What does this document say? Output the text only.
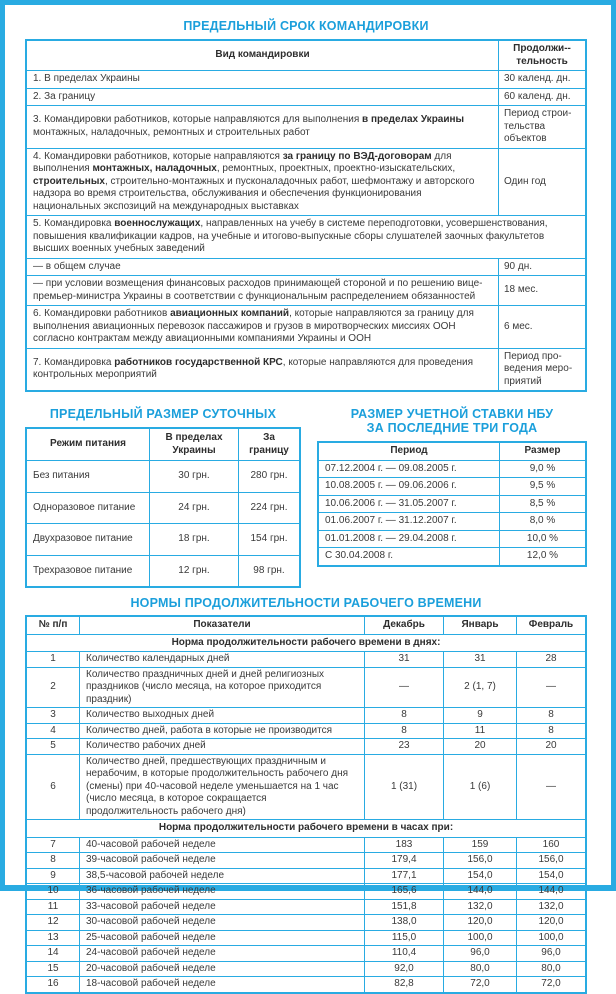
ПРЕДЕЛЬНЫЙ СРОК КОМАНДИРОВКИ
Вид командировки	Продолжи-тельность
1. В пределах Украины	30 календ. дн.
2. За границу	60 календ. дн.
3. Командировки работников, которые направляются для выполнения в пределах Украины монтажных, наладочных, ремонтных и строительных работ	Период строительства объектов
4. Командировки работников, которые направляются за границу по ВЭД-договорам для выполнения монтажных, наладочных, ремонтных, проектных, проектно-изыскательских, строительных, строительно-монтажных и пусконаладочных работ, шефмонтажу и авторского надзора во время строительства, обслуживания и обеспечения функционирования национальных экспозиций на международных выставках	Один год
5. Командировка военнослужащих, направленных на учебу в системе переподготовки, усовершенствования, повышения квалификации кадров, на учебные и итогово-выпускные сборы слушателей заочных факультетов высших военных учебных заведений	
— в общем случае	90 дн.
— при условии возмещения финансовых расходов принимающей стороной и по решению вице-премьер-министра Украины в соответствии с функциональным распределением обязанностей	18 мес.
6. Командировки работников авиационных компаний, которые направляются за границу для выполнения авиационных перевозок пассажиров и грузов в миротворческих миссиях ООН согласно контрактам между авиационными компаниями Украины и ООН	6 мес.
7. Командировка работников государственной КРС, которые направляются для проведения контрольных мероприятий	Период проведения мероприятий
ПРЕДЕЛЬНЫЙ РАЗМЕР СУТОЧНЫХ
Режим питания	В пределах Украины	За границу
Без питания	30 грн.	280 грн.
Одноразовое питание	24 грн.	224 грн.
Двухразовое питание	18 грн.	154 грн.
Трехразовое питание	12 грн.	98 грн.
РАЗМЕР УЧЕТНОЙ СТАВКИ НБУ
ЗА ПОСЛЕДНИЕ ТРИ ГОДА
Период	Размер
07.12.2004 г. — 09.08.2005 г.	9,0 %
10.08.2005 г. — 09.06.2006 г.	9,5 %
10.06.2006 г. — 31.05.2007 г.	8,5 %
01.06.2007 г. — 31.12.2007 г.	8,0 %
01.01.2008 г. — 29.04.2008 г.	10,0 %
С 30.04.2008 г.	12,0 %
НОРМЫ ПРОДОЛЖИТЕЛЬНОСТИ РАБОЧЕГО ВРЕМЕНИ
№ п/п	Показатели	Декабрь	Январь	Февраль
Норма продолжительности рабочего времени в днях:				
1	Количество календарных дней	31	31	28
2	Количество праздничных дней и дней религиозных праздников (число месяца, на которое приходится праздник)	—	2 (1, 7)	—
3	Количество выходных дней	8	9	8
4	Количество дней, работа в которые не производится	8	11	8
5	Количество рабочих дней	23	20	20
6	Количество дней, предшествующих праздничным и нерабочим, в которые продолжительность рабочего дня (смены) при 40-часовой неделе уменьшается на 1 час (число месяца, в которое сокращается продолжительность рабочего дня)	1 (31)	1 (6)	—
Норма продолжительности рабочего времени в часах при:				
7	40-часовой рабочей неделе	183	159	160
8	39-часовой рабочей неделе	179,4	156,0	156,0
9	38,5-часовой рабочей неделе	177,1	154,0	154,0
10	36-часовой рабочей неделе	165,6	144,0	144,0
11	33-часовой рабочей неделе	151,8	132,0	132,0
12	30-часовой рабочей неделе	138,0	120,0	120,0
13	25-часовой рабочей неделе	115,0	100,0	100,0
14	24-часовой рабочей неделе	110,4	96,0	96,0
15	20-часовой рабочей неделе	92,0	80,0	80,0
16	18-часовой рабочей неделе	82,8	72,0	72,0
